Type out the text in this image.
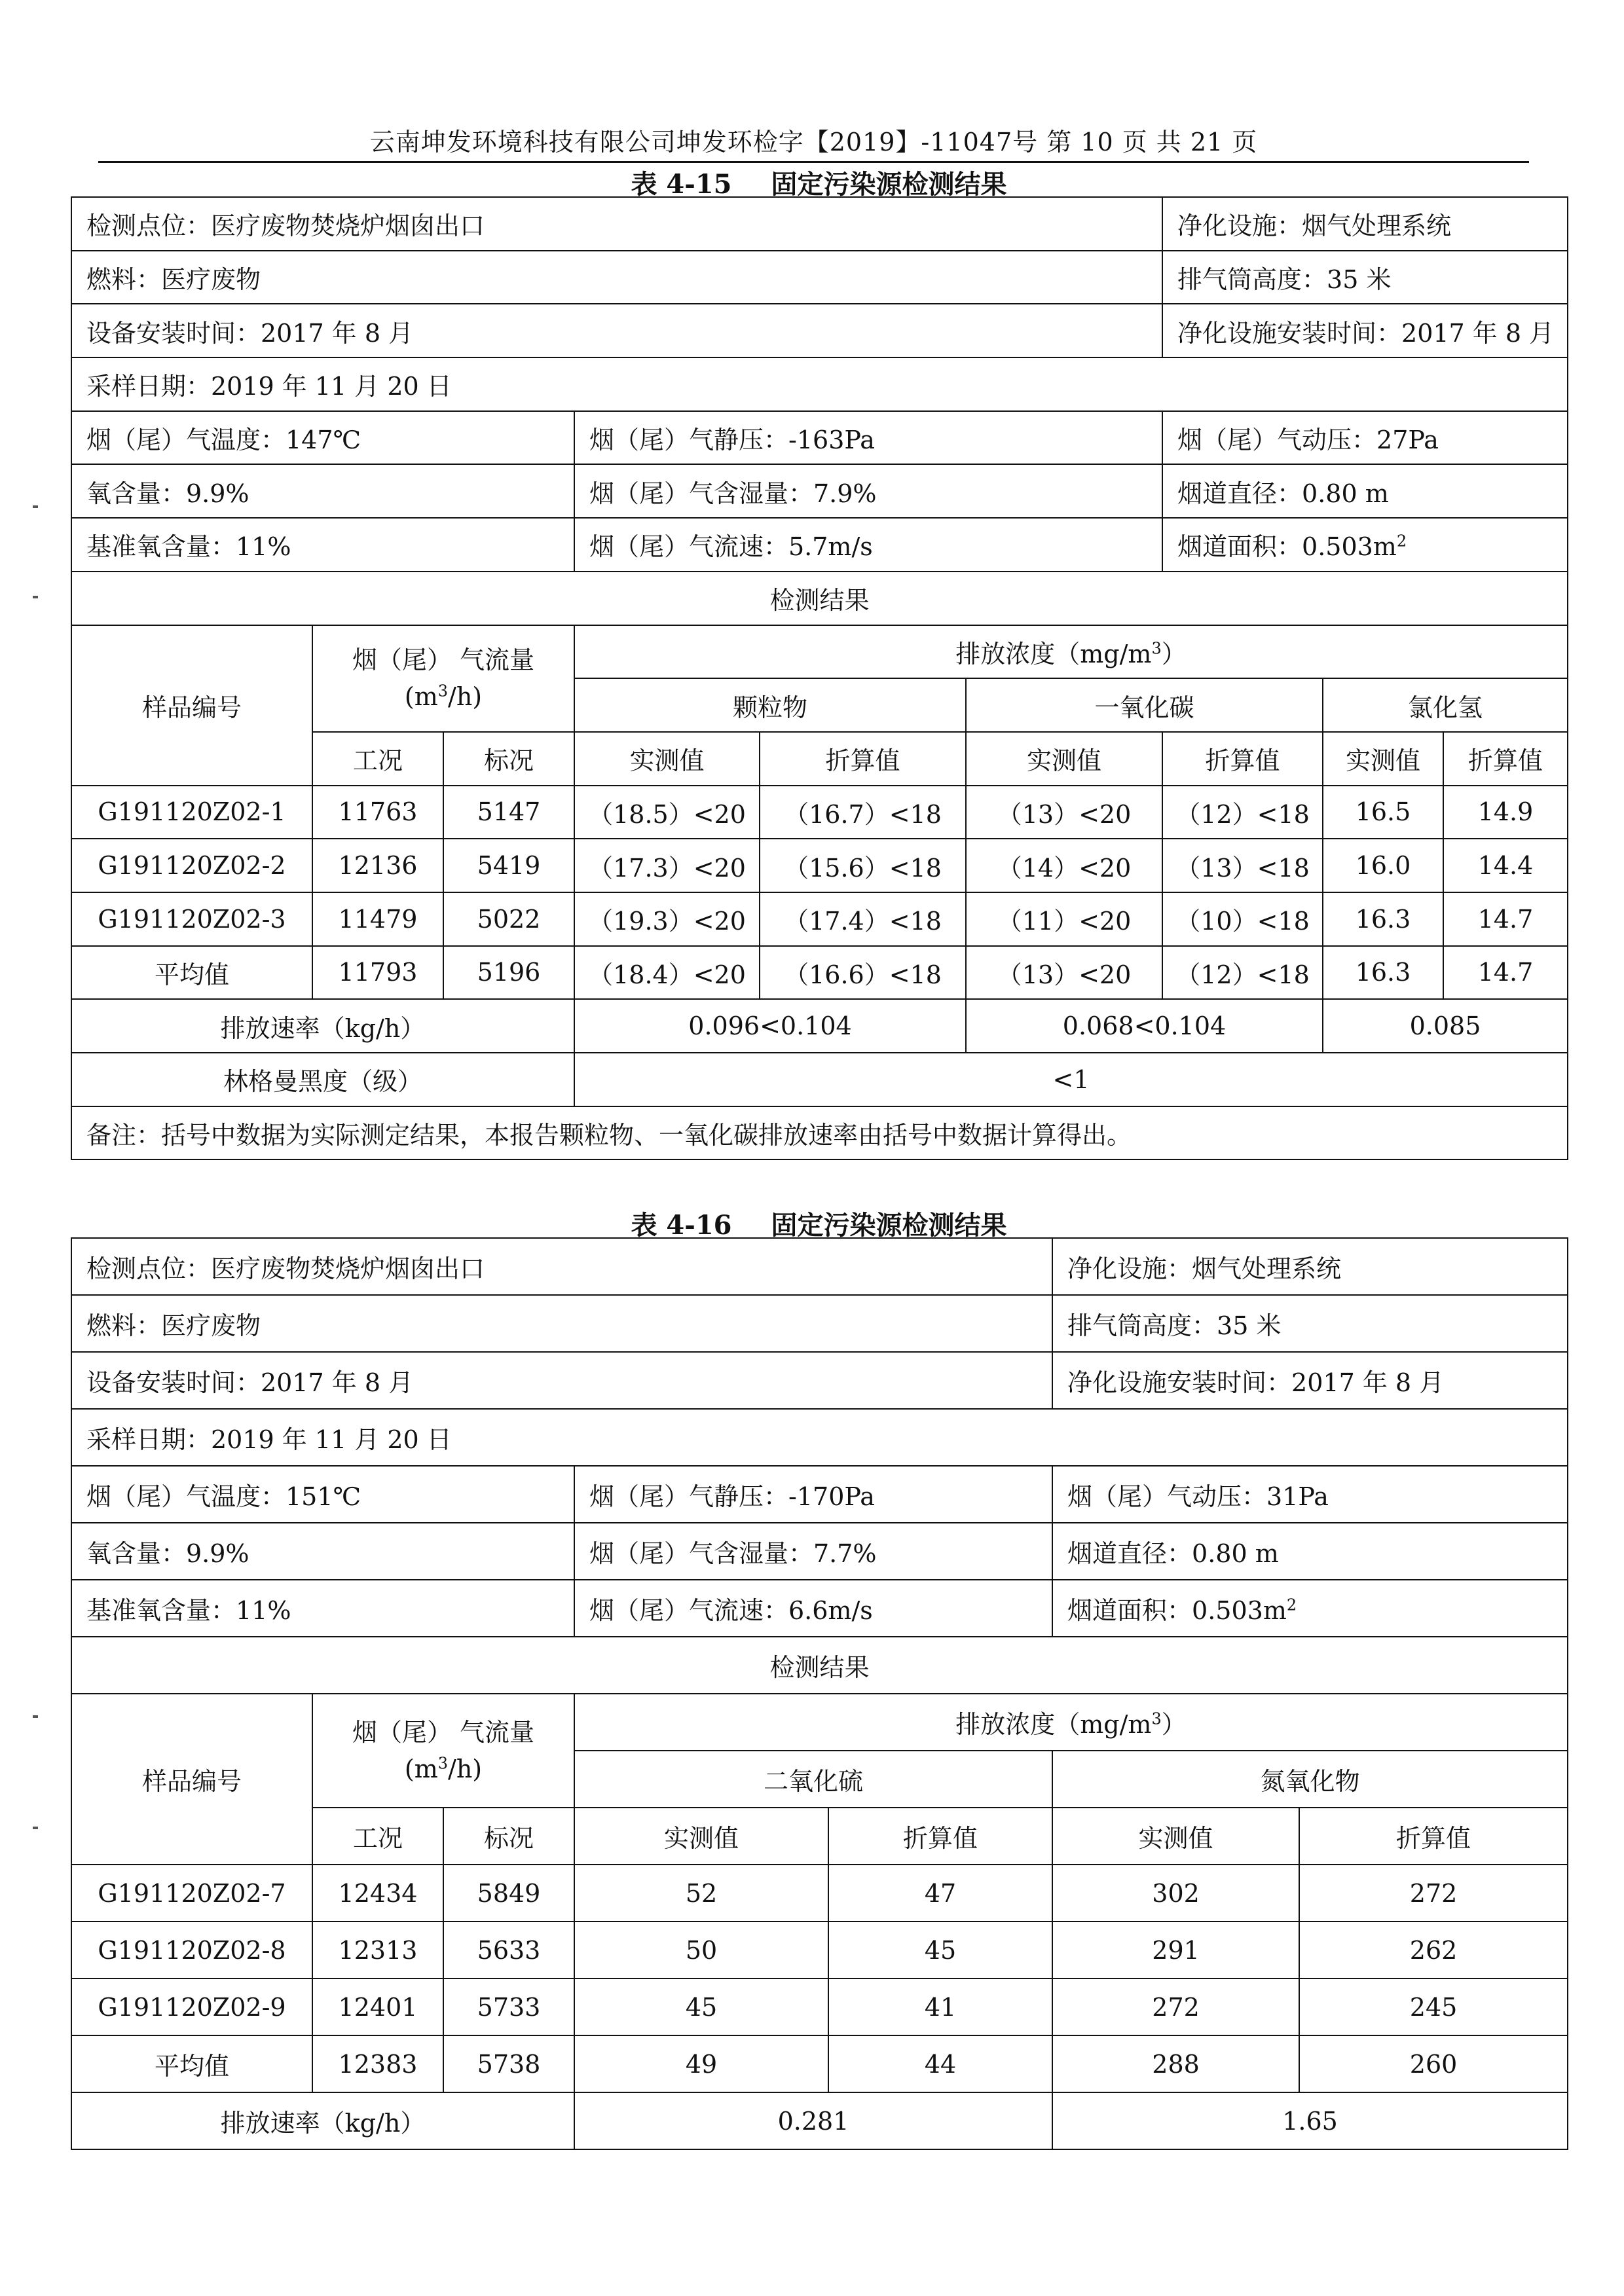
云南坤发环境科技有限公司坤发环检字【2019】-11047号 第 10 页 共 21 页
表 4-15 固定污染源检测结果
检测点位：医疗废物焚烧炉烟囱出口						净化设施：烟气处理系统		
燃料：医疗废物						排气筒高度：35 米		
设备安装时间：2017 年 8 月						净化设施安装时间：2017 年 8 月		
采样日期：2019 年 11 月 20 日								
烟（尾）气温度：147℃			烟（尾）气静压：-163Pa			烟（尾）气动压：27Pa		
氧含量：9.9%			烟（尾）气含湿量：7.9%			烟道直径：0.80 m		
基准氧含量：11%			烟（尾）气流速：5.7m/s			烟道面积：$0.503m^2$
检测结果								
样品编号	烟（尾） 气流量
$(m^3/h)$		排放浓度$(mg/m^3)$					
			颗粒物		一氧化碳		氯化氢	
	工况	标况	实测值	折算值	实测值	折算值	实测值	折算值
G191120Z02-1	11763	5147	（18.5）<20	（16.7）<18	（13）<20	（12）<18	16.5	14.9
G191120Z02-2	12136	5419	（17.3）<20	（15.6）<18	（14）<20	（13）<18	16.0	14.4
G191120Z02-3	11479	5022	（19.3）<20	（17.4）<18	（11）<20	（10）<18	16.3	14.7
平均值	11793	5196	（18.4）<20	（16.6）<18	（13）<20	（12）<18	16.3	14.7
排放速率（kg/h）			0.096<0.104		0.068<0.104		0.085	
林格曼黑度（级）			<1					
备注：括号中数据为实际测定结果，本报告颗粒物、一氧化碳排放速率由括号中数据计算得出。								
表 4-16 固定污染源检测结果
检测点位：医疗废物焚烧炉烟囱出口					净化设施：烟气处理系统	
燃料：医疗废物					排气筒高度：35 米	
设备安装时间：2017 年 8 月					净化设施安装时间：2017 年 8 月	
采样日期：2019 年 11 月 20 日						
烟（尾）气温度：151℃			烟（尾）气静压：-170Pa		烟（尾）气动压：31Pa	
氧含量：9.9%			烟（尾）气含湿量：7.7%		烟道直径：0.80 m	
基准氧含量：11%			烟（尾）气流速：6.6m/s		烟道面积：$0.503m^2$
检测结果						
样品编号	烟（尾） 气流量
$(m^3/h)$		排放浓度$(mg/m^3)$			
			二氧化硫		氮氧化物	
	工况	标况	实测值	折算值	实测值	折算值
G191120Z02-7	12434	5849	52	47	302	272
G191120Z02-8	12313	5633	50	45	291	262
G191120Z02-9	12401	5733	45	41	272	245
平均值	12383	5738	49	44	288	260
排放速率（kg/h）			0.281		1.65	
